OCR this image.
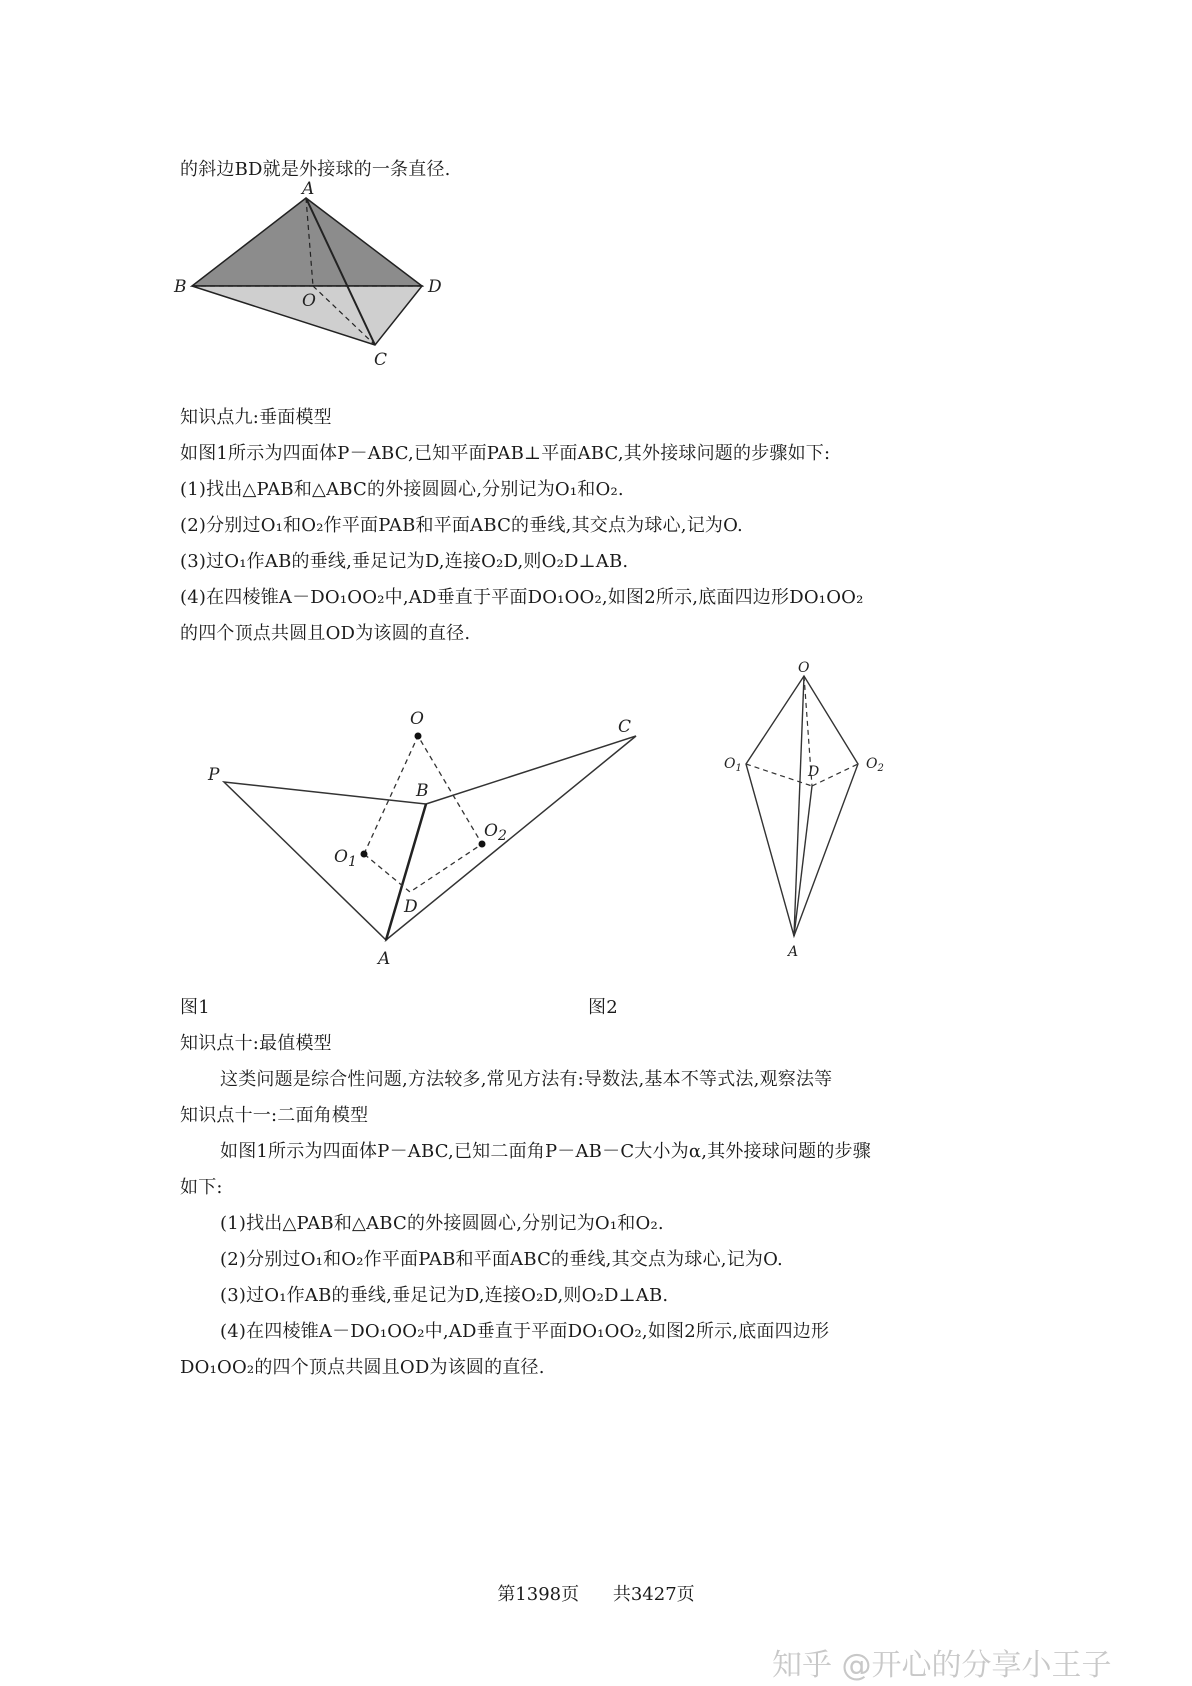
的斜边BD就是外接球的一条直径.
A
B	D
O
C
知识点九:垂面模型
如图1所示为四面体P－ABC,已知平面PAB⊥平面ABC,其外接球问题的步骤如下:
(1)找出△PAB和△ABC的外接圆圆心,分别记为O₁和O₂.
(2)分别过O₁和O₂作平面PAB和平面ABC的垂线,其交点为球心,记为O.
(3)过O₁作AB的垂线,垂足记为D,连接O₂D,则O₂D⊥AB.
(4)在四棱锥A－DO₁OO₂中,AD垂直于平面DO₁OO₂,如图2所示,底面四边形DO₁OO₂
的四个顶点共圆且OD为该圆的直径.
P
O	C
B
$O_1$
$O_2$
D
A
O
$O_1$	D	$O_2$
A
图1	图2
知识点十:最值模型
这类问题是综合性问题,方法较多,常见方法有:导数法,基本不等式法,观察法等
知识点十一:二面角模型
如图1所示为四面体P－ABC,已知二面角P－AB－C大小为α,其外接球问题的步骤
如下:
(1)找出△PAB和△ABC的外接圆圆心,分别记为O₁和O₂.
(2)分别过O₁和O₂作平面PAB和平面ABC的垂线,其交点为球心,记为O.
(3)过O₁作AB的垂线,垂足记为D,连接O₂D,则O₂D⊥AB.
(4)在四棱锥A－DO₁OO₂中,AD垂直于平面DO₁OO₂,如图2所示,底面四边形
DO₁OO₂的四个顶点共圆且OD为该圆的直径.
第1398页 共3427页
知乎 @开心的分享小王子
